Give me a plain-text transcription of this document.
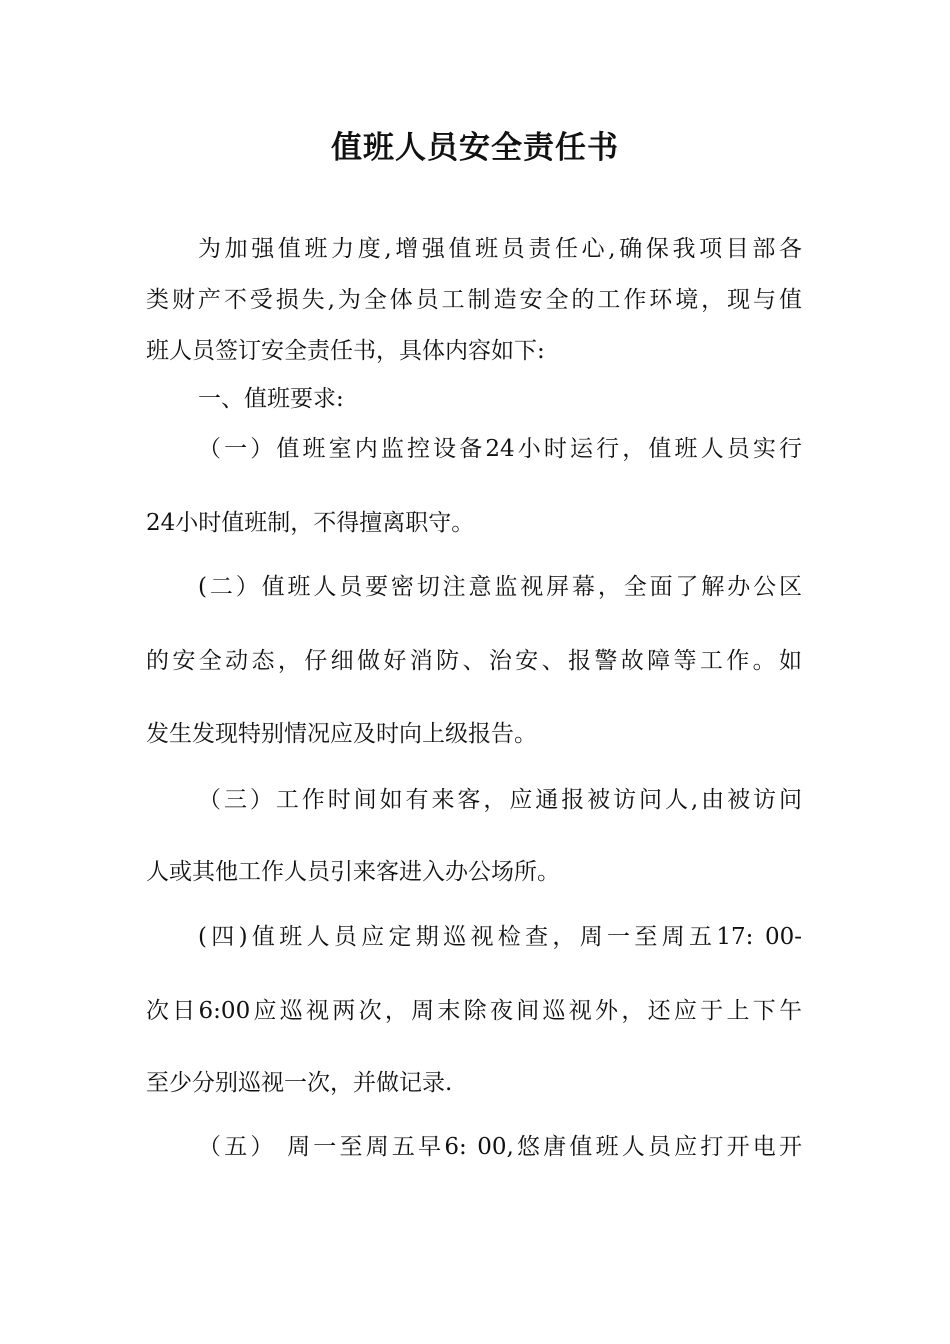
值班人员安全责任书

为加强值班力度,增强值班员责任心,确保我项目部各

类财产不受损失,为全体员工制造安全的工作环境，现与值

班人员签订安全责任书，具体内容如下:

一、值班要求:

（一）值班室内监控设备24小时运行，值班人员实行

24小时值班制，不得擅离职守。

(二）值班人员要密切注意监视屏幕，全面了解办公区

的安全动态，仔细做好消防、治安、报警故障等工作。如

发生发现特别情况应及时向上级报告。

（三）工作时间如有来客，应通报被访问人,由被访问

人或其他工作人员引来客进入办公场所。

(四)值班人员应定期巡视检查，周一至周五17: 00-

次日6:00应巡视两次，周末除夜间巡视外，还应于上下午

至少分别巡视一次，并做记录.

（五） 周一至周五早6: 00,悠唐值班人员应打开电开
